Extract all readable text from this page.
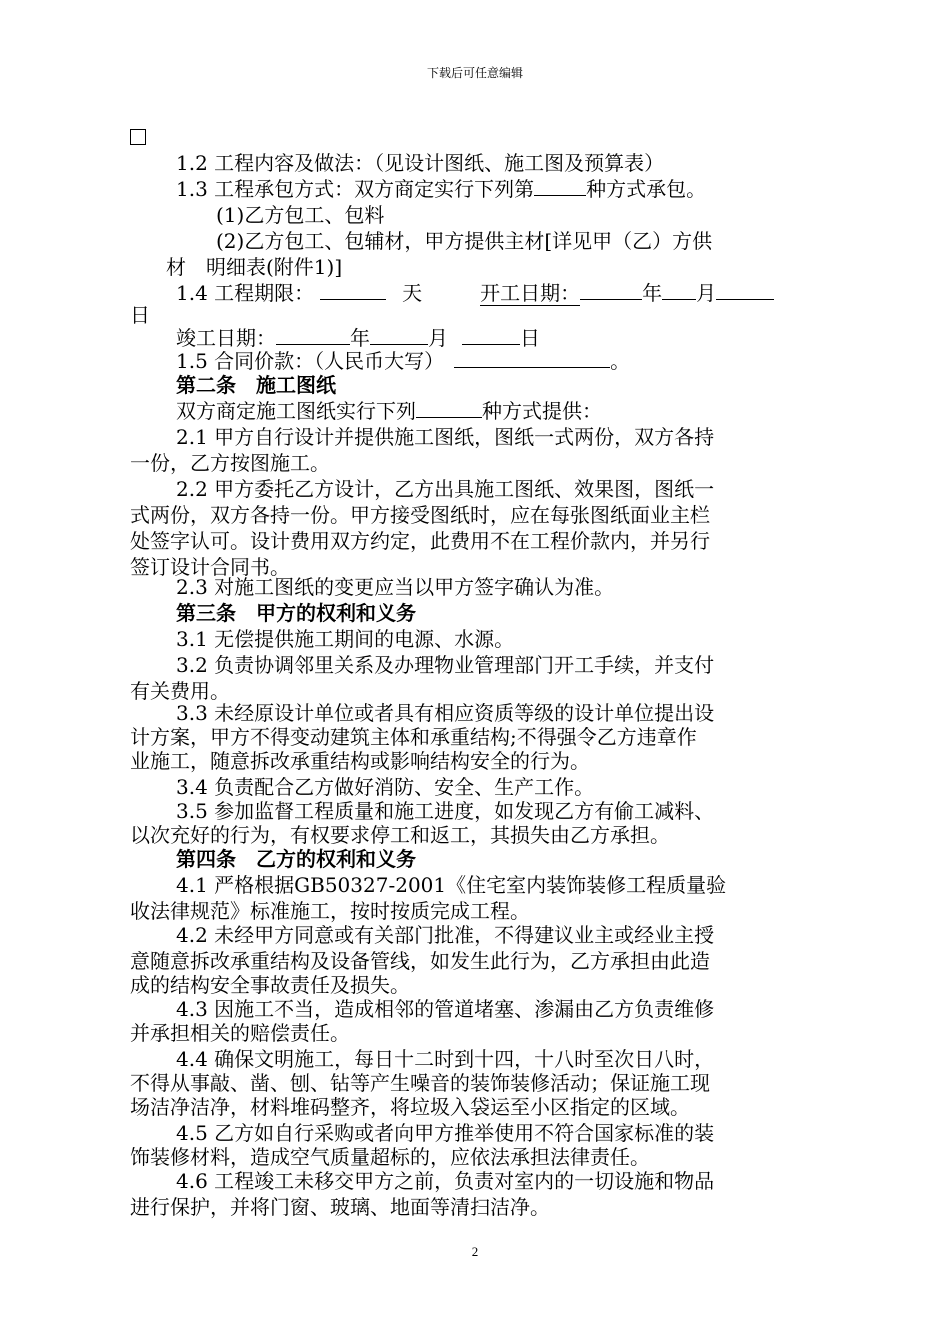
下载后可任意编辑
1.2 工程内容及做法：（见设计图纸、施工图及预算表）
1.3 工程承包方式：双方商定实行下列第	种方式承包。
(1)乙方包工、包料
(2)乙方包工、包辅材，甲方提供主材[详见甲（乙）方供
材　明细表(附件1)]
1.4 工程期限：	天	开工日期：	年 月
日
竣工日期：	年	月	日
1.5 合同价款：（人民币大写）	。
第二条　施工图纸
双方商定施工图纸实行下列	种方式提供：
2.1 甲方自行设计并提供施工图纸，图纸一式两份，双方各持
一份，乙方按图施工。
2.2 甲方委托乙方设计，乙方出具施工图纸、效果图，图纸一
式两份，双方各持一份。甲方接受图纸时，应在每张图纸面业主栏
处签字认可。设计费用双方约定，此费用不在工程价款内，并另行
签订设计合同书。
2.3 对施工图纸的变更应当以甲方签字确认为准。
第三条　甲方的权利和义务
3.1 无偿提供施工期间的电源、水源。
3.2 负责协调邻里关系及办理物业管理部门开工手续，并支付
有关费用。
3.3 未经原设计单位或者具有相应资质等级的设计单位提出设
计方案，甲方不得变动建筑主体和承重结构;不得强令乙方违章作
业施工，随意拆改承重结构或影响结构安全的行为。
3.4 负责配合乙方做好消防、安全、生产工作。
3.5 参加监督工程质量和施工进度，如发现乙方有偷工减料、
以次充好的行为，有权要求停工和返工，其损失由乙方承担。
第四条　乙方的权利和义务
4.1 严格根据GB50327-2001《住宅室内装饰装修工程质量验
收法律规范》标准施工，按时按质完成工程。
4.2 未经甲方同意或有关部门批准，不得建议业主或经业主授
意随意拆改承重结构及设备管线，如发生此行为，乙方承担由此造
成的结构安全事故责任及损失。
4.3 因施工不当，造成相邻的管道堵塞、渗漏由乙方负责维修
并承担相关的赔偿责任。
4.4 确保文明施工，每日十二时到十四，十八时至次日八时，
不得从事敲、凿、刨、钻等产生噪音的装饰装修活动；保证施工现
场洁净洁净，材料堆码整齐，将垃圾入袋运至小区指定的区域。
4.5 乙方如自行采购或者向甲方推举使用不符合国家标准的装
饰装修材料，造成空气质量超标的，应依法承担法律责任。
4.6 工程竣工未移交甲方之前，负责对室内的一切设施和物品
进行保护，并将门窗、玻璃、地面等清扫洁净。
2
